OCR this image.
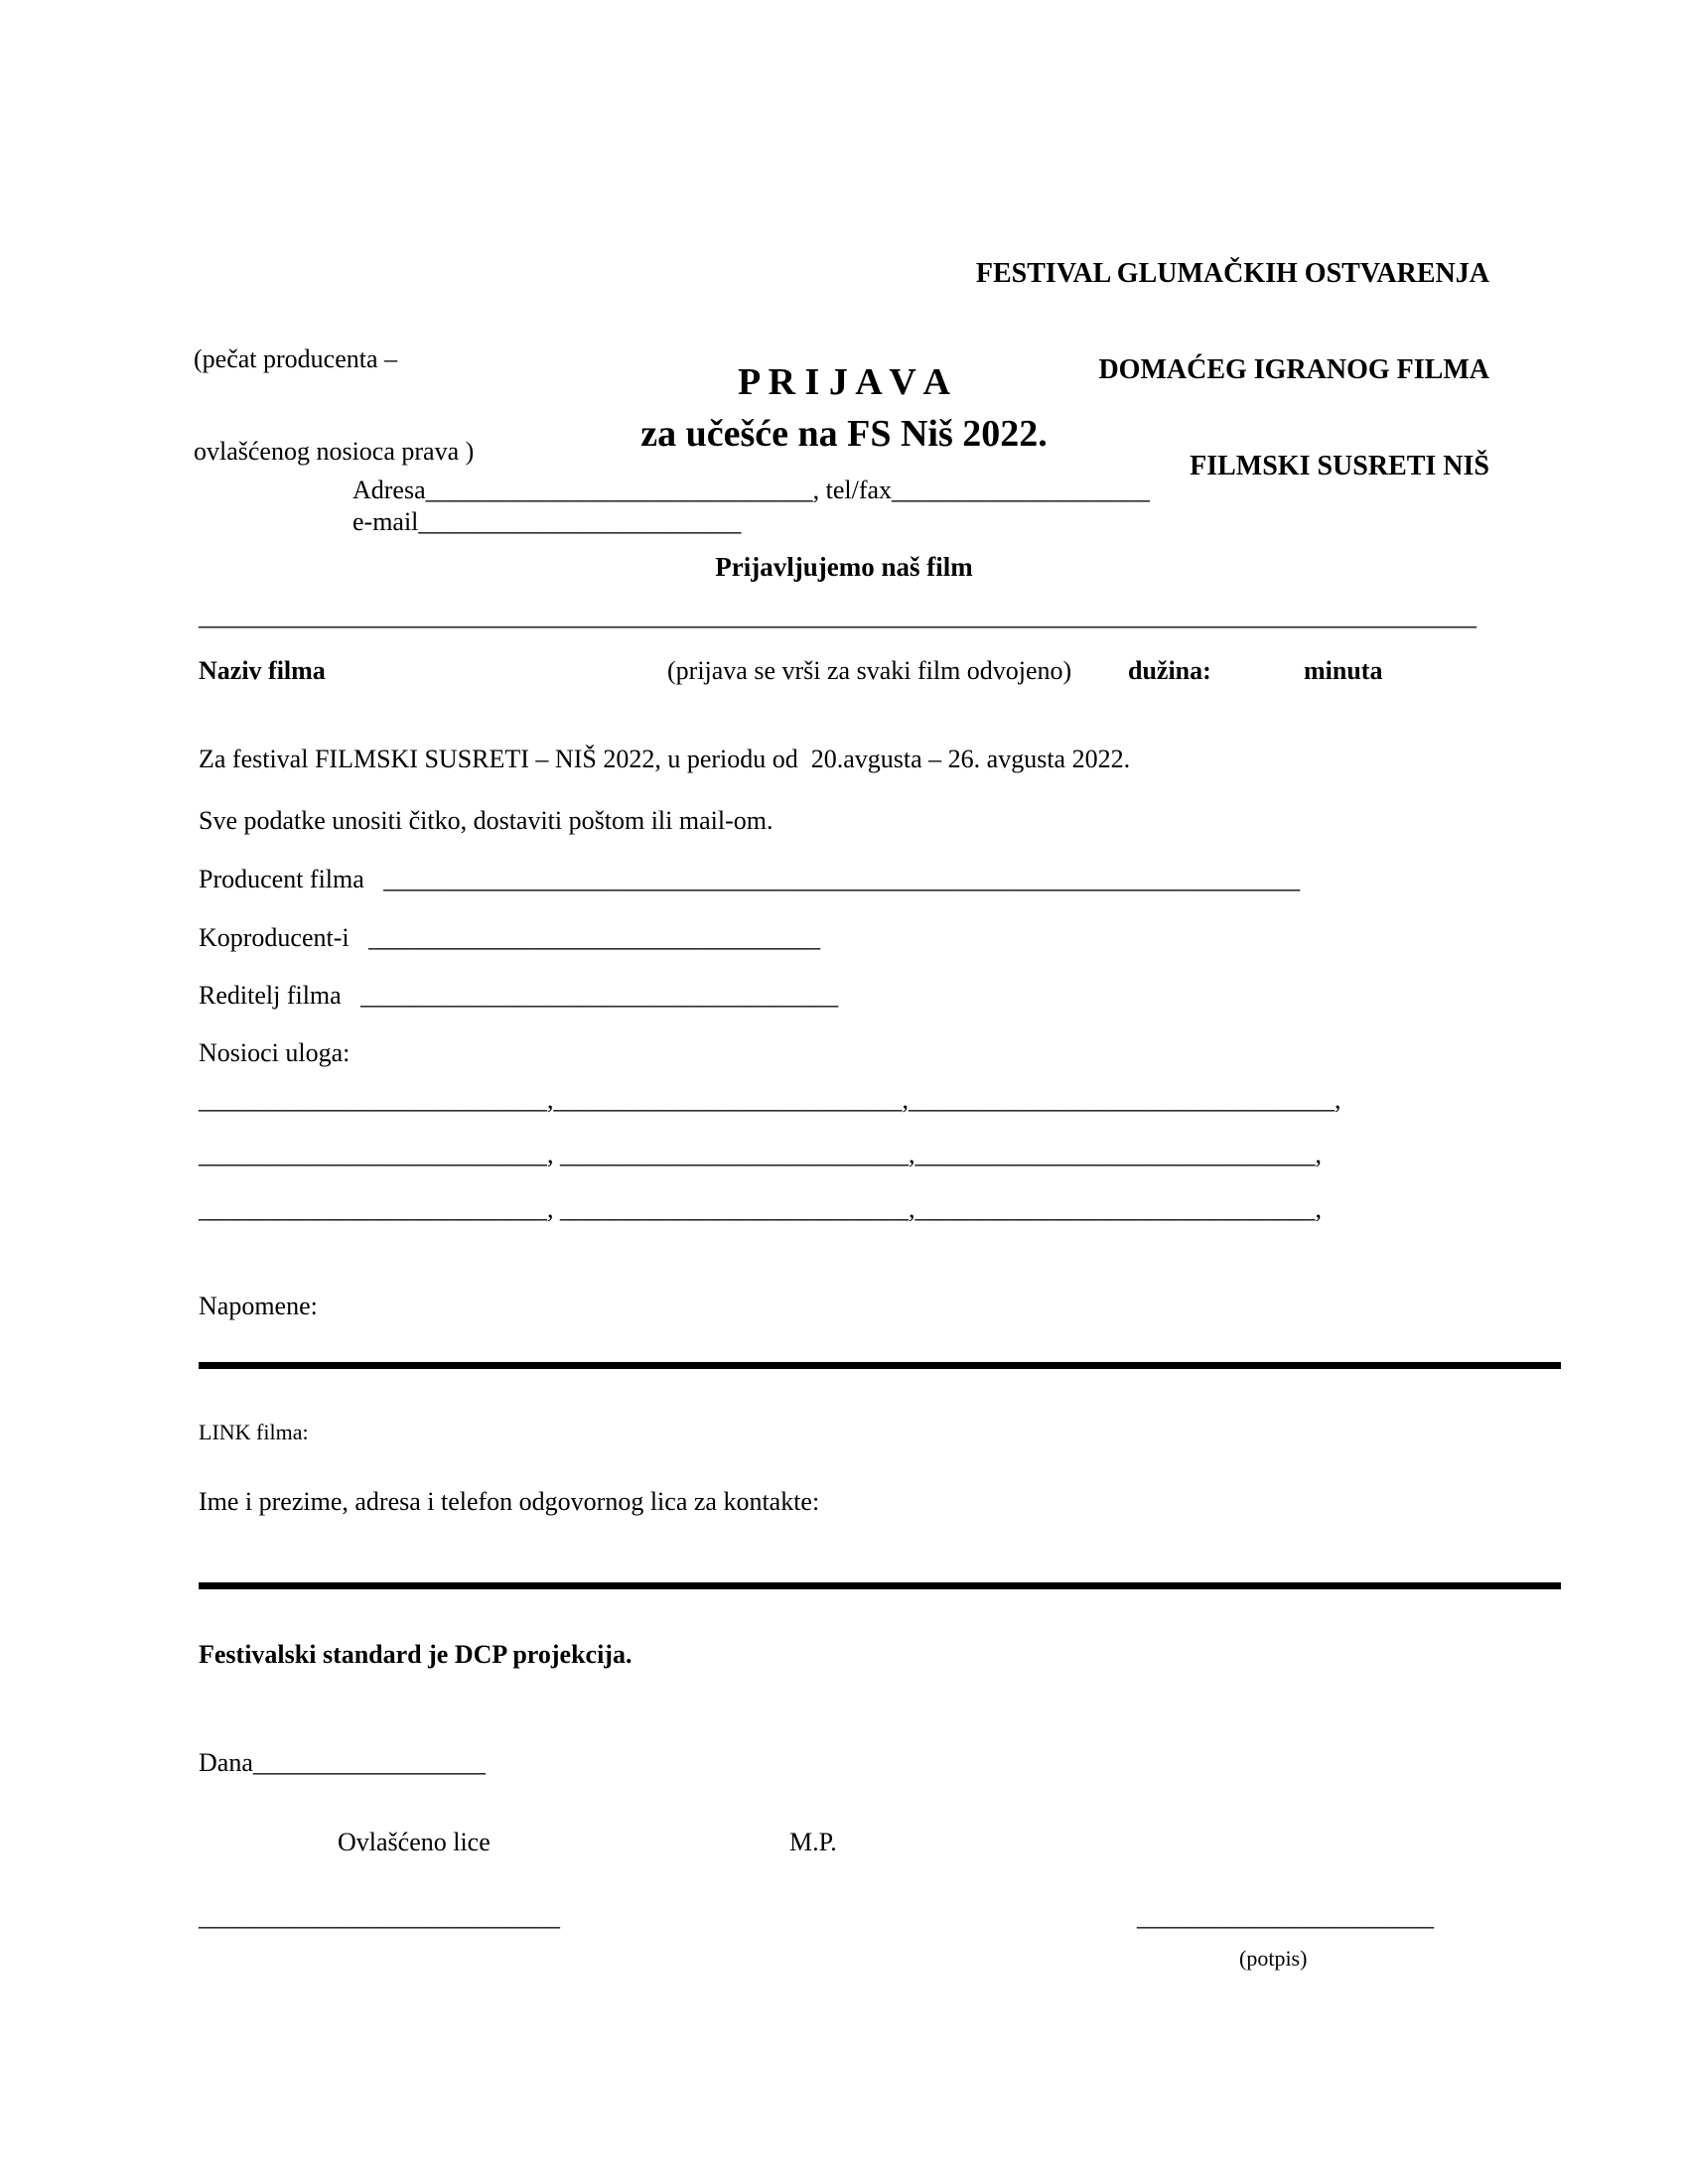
FESTIVAL GLUMAČKIH OSTVARENJA

DOMAĆEG IGRANOG FILMA

FILMSKI SUSRETI NIŠ

(pečat producenta –

ovlašćenog nosioca prava )

P R I J A V A
za učešće na FS Niš 2022.
Adresa______________________________, tel/fax____________________
e-mail_________________________
Prijavljujemo naš film
___________________________________________________________________________________________________
Naziv filma	(prijava se vrši za svaki film odvojeno) dužina:	minuta
Za festival FILMSKI SUSRETI – NIŠ 2022, u periodu od  20.avgusta – 26. avgusta 2022.
Sve podatke unositi čitko, dostaviti poštom ili mail-om.
Producent filma   _______________________________________________________________________
Koproducent-i   ___________________________________
Reditelj filma   _____________________________________
Nosioci uloga:
___________________________,___________________________,_________________________________,
___________________________, ___________________________,_______________________________,
___________________________, ___________________________,_______________________________,
Napomene:
LINK filma:
Ime i prezime, adresa i telefon odgovornog lica za kontakte:
Festivalski standard je DCP projekcija.
Dana__________________
Ovlašćeno lice	M.P.
____________________________	_______________________
(potpis)
